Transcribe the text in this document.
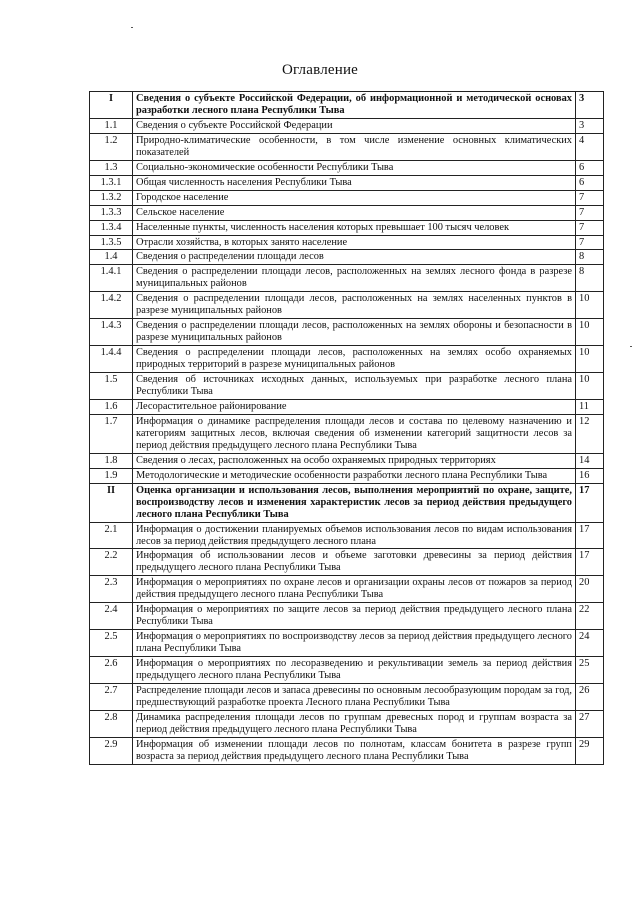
Оглавление
I	Сведения о субъекте Российской Федерации, об информационной и методической основах разработки лесного плана Республики Тыва	3
1.1	Сведения о субъекте Российской Федерации	3
1.2	Природно-климатические особенности, в том числе изменение основных климатических показателей	4
1.3	Социально-экономические особенности Республики Тыва	6
1.3.1	Общая численность населения Республики Тыва	6
1.3.2	Городское население	7
1.3.3	Сельское население	7
1.3.4	Населенные пункты, численность населения которых превышает 100 тысяч человек	7
1.3.5	Отрасли хозяйства, в которых занято население	7
1.4	Сведения о распределении площади лесов	8
1.4.1	Сведения о распределении площади лесов, расположенных на землях лесного фонда в разрезе муниципальных районов	8
1.4.2	Сведения о распределении площади лесов, расположенных на землях населенных пунктов в разрезе муниципальных районов	10
1.4.3	Сведения о распределении площади лесов, расположенных на землях обороны и безопасности в разрезе муниципальных районов	10
1.4.4	Сведения о распределении площади лесов, расположенных на землях особо охраняемых природных территорий в разрезе муниципальных районов	10
1.5	Сведения об источниках исходных данных, используемых при разработке лесного плана Республики Тыва	10
1.6	Лесорастительное районирование	11
1.7	Информация о динамике распределения площади лесов и состава по целевому назначению и категориям защитных лесов, включая сведения об изменении категорий защитности лесов за период действия предыдущего лесного плана Республики Тыва	12
1.8	Сведения о лесах, расположенных на особо охраняемых природных территориях	14
1.9	Методологические и методические особенности разработки лесного плана Республики Тыва	16
II	Оценка организации и использования лесов, выполнения мероприятий по охране, защите, воспроизводству лесов и изменения характеристик лесов за период действия предыдущего лесного плана Республики Тыва	17
2.1	Информация о достижении планируемых объемов использования лесов по видам использования лесов за период действия предыдущего лесного плана	17
2.2	Информация об использовании лесов и объеме заготовки древесины за период действия предыдущего лесного плана Республики Тыва	17
2.3	Информация о мероприятиях по охране лесов и организации охраны лесов от пожаров за период действия предыдущего лесного плана Республики Тыва	20
2.4	Информация о мероприятиях по защите лесов за период действия предыдущего лесного плана Республики Тыва	22
2.5	Информация о мероприятиях по воспроизводству лесов за период действия предыдущего лесного плана Республики Тыва	24
2.6	Информация о мероприятиях по лесоразведению и рекультивации земель за период действия предыдущего лесного плана Республики Тыва	25
2.7	Распределение площади лесов и запаса древесины по основным лесообразующим породам за год, предшествующий разработке проекта Лесного плана Республики Тыва	26
2.8	Динамика распределения площади лесов по группам древесных пород и группам возраста за период действия предыдущего лесного плана Республики Тыва	27
2.9	Информация об изменении площади лесов по полнотам, классам бонитета в разрезе групп возраста за период действия предыдущего лесного плана Республики Тыва	29
